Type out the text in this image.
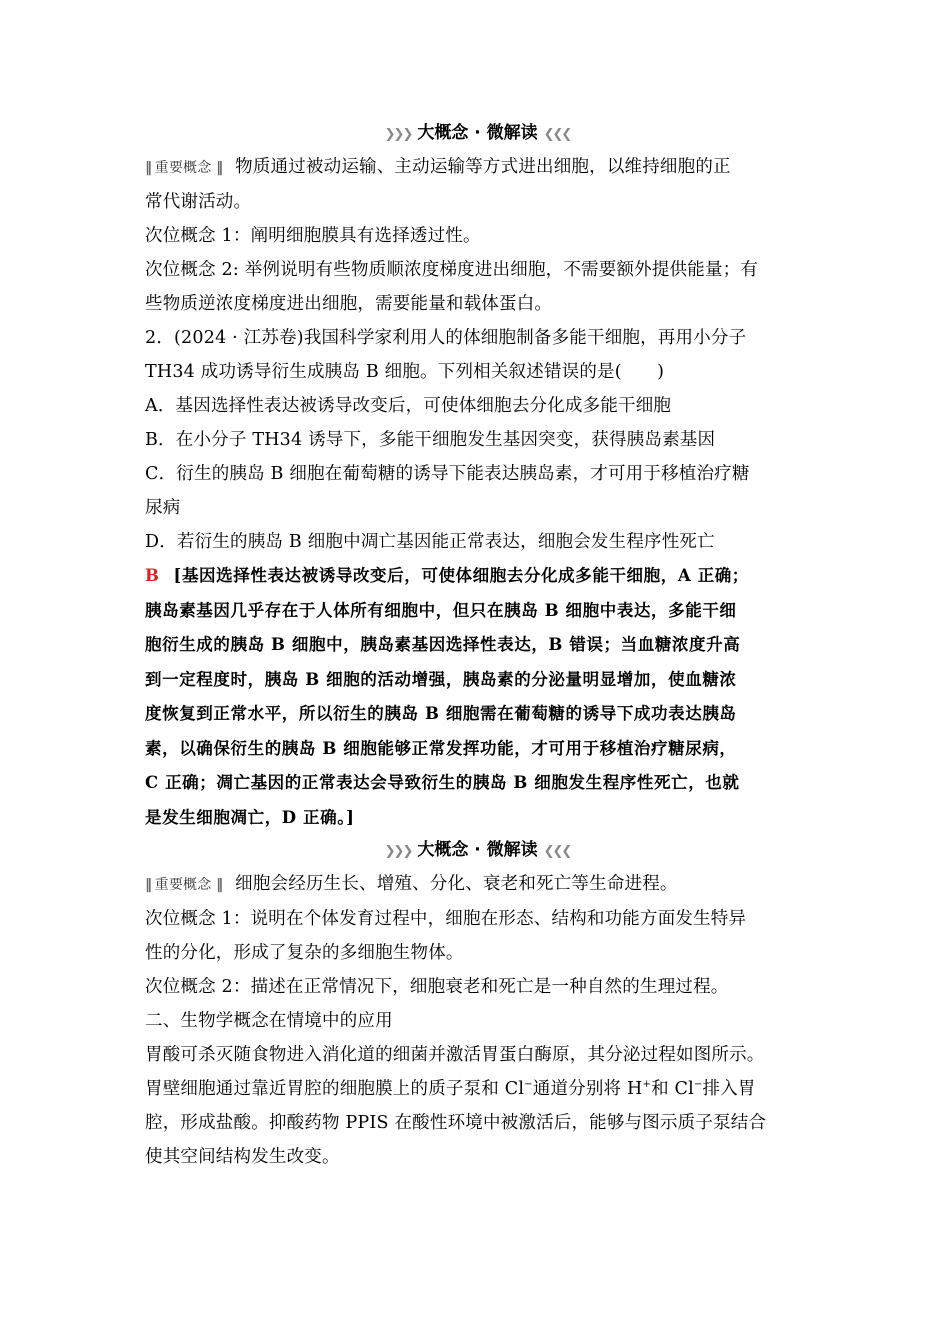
❯❯❯ 大概念 · 微解读 ❮❮❮
‖ 重要概念 ‖ 物质通过被动运输、主动运输等方式进出细胞，以维持细胞的正
常代谢活动。
次位概念 1：阐明细胞膜具有选择透过性。
次位概念 2: 举例说明有些物质顺浓度梯度进出细胞，不需要额外提供能量；有
些物质逆浓度梯度进出细胞，需要能量和载体蛋白。
2．(2024 · 江苏卷)我国科学家利用人的体细胞制备多能干细胞，再用小分子
TH34 成功诱导衍生成胰岛 B 细胞。下列相关叙述错误的是(　　)
A．基因选择性表达被诱导改变后，可使体细胞去分化成多能干细胞
B．在小分子 TH34 诱导下，多能干细胞发生基因突变，获得胰岛素基因
C．衍生的胰岛 B 细胞在葡萄糖的诱导下能表达胰岛素，才可用于移植治疗糖
尿病
D．若衍生的胰岛 B 细胞中凋亡基因能正常表达，细胞会发生程序性死亡
B [基因选择性表达被诱导改变后，可使体细胞去分化成多能干细胞，A 正确；
胰岛素基因几乎存在于人体所有细胞中，但只在胰岛 B 细胞中表达，多能干细
胞衍生成的胰岛 B 细胞中，胰岛素基因选择性表达，B 错误；当血糖浓度升高
到一定程度时，胰岛 B 细胞的活动增强，胰岛素的分泌量明显增加，使血糖浓
度恢复到正常水平，所以衍生的胰岛 B 细胞需在葡萄糖的诱导下成功表达胰岛
素，以确保衍生的胰岛 B 细胞能够正常发挥功能，才可用于移植治疗糖尿病，
C 正确；凋亡基因的正常表达会导致衍生的胰岛 B 细胞发生程序性死亡，也就
是发生细胞凋亡，D 正确。]
❯❯❯ 大概念 · 微解读 ❮❮❮
‖ 重要概念 ‖ 细胞会经历生长、增殖、分化、衰老和死亡等生命进程。
次位概念 1：说明在个体发育过程中，细胞在形态、结构和功能方面发生特异
性的分化，形成了复杂的多细胞生物体。
次位概念 2：描述在正常情况下，细胞衰老和死亡是一种自然的生理过程。
二、生物学概念在情境中的应用
胃酸可杀灭随食物进入消化道的细菌并激活胃蛋白酶原，其分泌过程如图所示。
胃壁细胞通过靠近胃腔的细胞膜上的质子泵和 Cl−通道分别将 H+和 Cl−排入胃
腔，形成盐酸。抑酸药物 PPIS 在酸性环境中被激活后，能够与图示质子泵结合
使其空间结构发生改变。
